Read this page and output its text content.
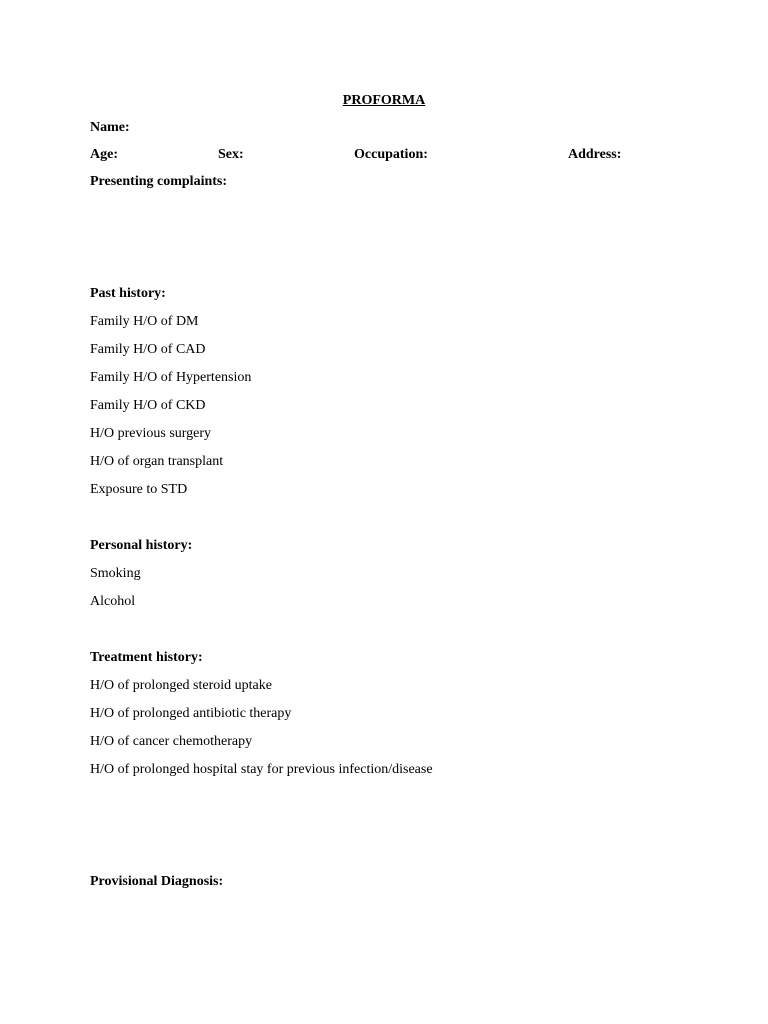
PROFORMA
Name:
Age:	Sex:	Occupation:	Address:
Presenting complaints:
Past history:
Family H/O of DM
Family H/O of CAD
Family H/O of Hypertension
Family H/O of CKD
H/O previous surgery
H/O of organ transplant
Exposure to STD
Personal history:
Smoking
Alcohol
Treatment history:
H/O of prolonged steroid uptake
H/O of prolonged antibiotic therapy
H/O of cancer chemotherapy
H/O of prolonged hospital stay for previous infection/disease
Provisional Diagnosis:
